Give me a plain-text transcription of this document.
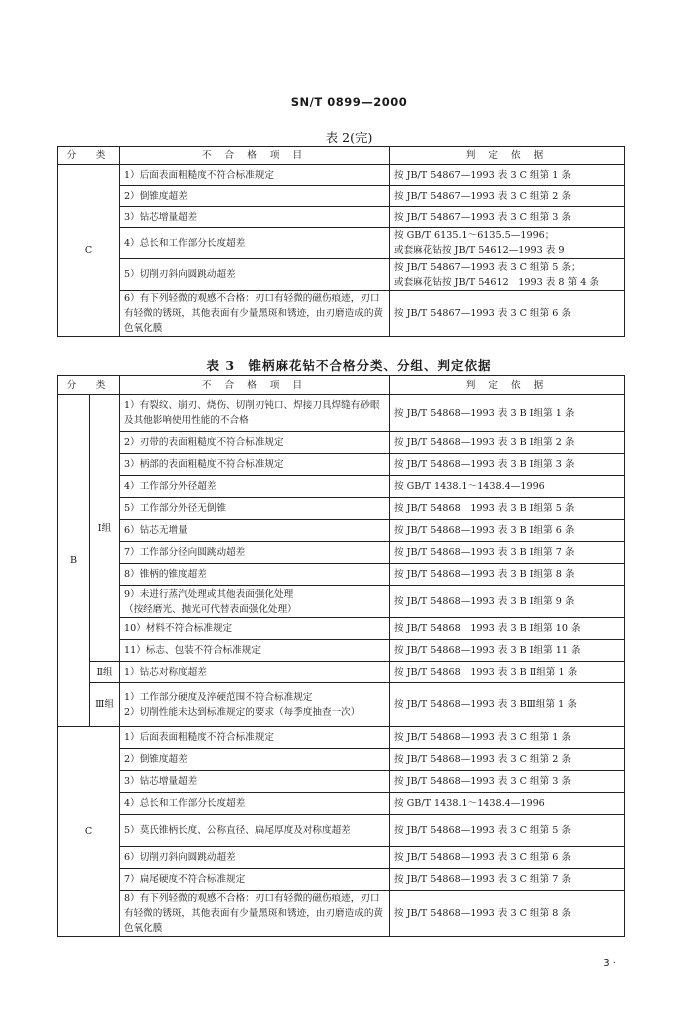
SN/T 0899—2000
表 2(完)
分　类	不 合 格 项 目	判 定 依 据
C	1）后面表面粗糙度不符合标准规定	按 JB/T 54867—1993 表 3 C 组第 1 条
	2）倒锥度超差	按 JB/T 54867—1993 表 3 C 组第 2 条
	3）钻芯增量超差	按 JB/T 54867—1993 表 3 C 组第 3 条
	4）总长和工作部分长度超差	按 GB/T 6135.1～6135.5—1996；
或套麻花钻按 JB/T 54612—1993 表 9
	5）切削刃斜向圆跳动超差	按 JB/T 54867—1993 表 3 C 组第 5 条；
或套麻花钻按 JB/T 54612　1993 表 8 第 4 条
	6）有下列轻微的观感不合格：刃口有轻微的磁伤痕迹，刃口有轻微的锈斑，其他表面有少量黑斑和锈迹，由刃磨造成的黄色氧化膜	按 JB/T 54867—1993 表 3 C 组第 6 条
表 3　锥柄麻花钻不合格分类、分组、判定依据
分　类		不 合 格 项 目	判 定 依 据
B	Ⅰ组	1）有裂纹、崩刃、烧伤、切削刃钝口、焊接刀具焊缝有砂眼及其他影响使用性能的不合格	按 JB/T 54868—1993 表 3 B Ⅰ组第 1 条
		2）刃带的表面粗糙度不符合标准规定	按 JB/T 54868—1993 表 3 B Ⅰ组第 2 条
		3）柄部的表面粗糙度不符合标准规定	按 JB/T 54868—1993 表 3 B Ⅰ组第 3 条
		4）工作部分外径超差	按 GB/T 1438.1～1438.4—1996
		5）工作部分外径无倒锥	按 JB/T 54868　1993 表 3 B Ⅰ组第 5 条
		6）钻芯无增量	按 JB/T 54868—1993 表 3 B Ⅰ组第 6 条
		7）工作部分径向圆跳动超差	按 JB/T 54868—1993 表 3 B Ⅰ组第 7 条
		8）锥柄的锥度超差	按 JB/T 54868—1993 表 3 B Ⅰ组第 8 条
		9）未进行蒸汽处理或其他表面强化处理
（按经磨光、抛光可代替表面强化处理）	按 JB/T 54868—1993 表 3 B Ⅰ组第 9 条
		10）材料不符合标准规定	按 JB/T 54868　1993 表 3 B Ⅰ组第 10 条
		11）标志、包装不符合标准规定	按 JB/T 54868—1993 表 3 B Ⅰ组第 11 条
	Ⅱ组	1）钻芯对称度超差	按 JB/T 54868　1993 表 3 B Ⅱ组第 1 条
	Ⅲ组	1）工作部分硬度及淬硬范围不符合标准规定
2）切削性能未达到标准规定的要求（每季度抽查一次）	按 JB/T 54868—1993 表 3 BⅢ组第 1 条
C		1）后面表面粗糙度不符合标准规定	按 JB/T 54868—1993 表 3 C 组第 1 条
		2）倒锥度超差	按 JB/T 54868—1993 表 3 C 组第 2 条
		3）钻芯增量超差	按 JB/T 54868—1993 表 3 C 组第 3 条
		4）总长和工作部分长度超差	按 GB/T 1438.1～1438.4—1996
		5）莫氏锥柄长度、公称直径、扁尾厚度及对称度超差	按 JB/T 54868—1993 表 3 C 组第 5 条
		6）切削刃斜向圆跳动超差	按 JB/T 54868—1993 表 3 C 组第 6 条
		7）扁尾硬度不符合标准规定	按 JB/T 54868—1993 表 3 C 组第 7 条
		8）有下列轻微的观感不合格：刃口有轻微的磁伤痕迹，刃口有轻微的锈斑，其他表面有少量黑斑和锈迹，由刃磨造成的黄色氧化膜	按 JB/T 54868—1993 表 3 C 组第 8 条
3 ·
